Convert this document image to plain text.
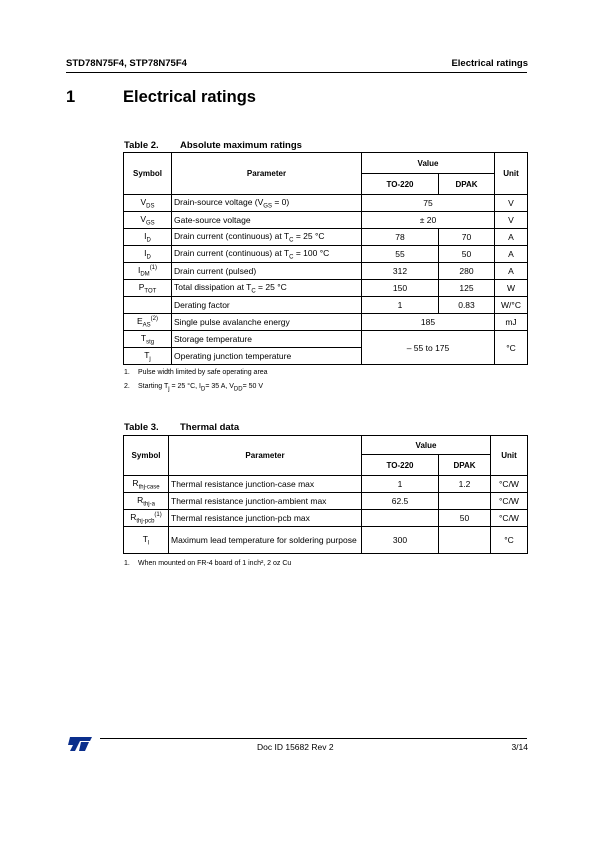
STD78N75F4, STP78N75F4	Electrical ratings
1	Electrical ratings
Table 2. Absolute maximum ratings
Symbol	Parameter	Value		Unit
		TO-220	DPAK	
$V_{DS}$	Drain-source voltage $(V_{GS} = 0)$	75		V
$V_{GS}$	Gate-source voltage	± 20		V
$I_D$	Drain current (continuous) at $T_C = 25$ °C	78	70	A
$I_D$	Drain current (continuous) at $T_C = 100$ °C	55	50	A
$I_{DM}^{(1)}$	Drain current (pulsed)	312	280	A
$P_{TOT}$	Total dissipation at $T_C = 25$ °C	150	125	W
	Derating factor	1	0.83	W/°C
$E_{AS}^{(2)}$	Single pulse avalanche energy	185		mJ
$T_{stg}$	Storage temperature	– 55 to 175		°C
$T_j$	Operating junction temperature			
1. Pulse width limited by safe operating area
2. Starting $T_j = 25$ °C, $I_D= 35$ A, $V_{DD}= 50$ V
Table 3. Thermal data
Symbol	Parameter	Value		Unit
		TO-220	DPAK	
$R_{thj-case}$	Thermal resistance junction-case max	1	1.2	°C/W
$R_{thj-a}$	Thermal resistance junction-ambient max	62.5		°C/W
$R_{thj-pcb}^{(1)}$	Thermal resistance junction-pcb max		50	°C/W
$T_l$	Maximum lead temperature for soldering purpose	300		°C
1. When mounted on FR-4 board of 1 inch², 2 oz Cu
Doc ID 15682 Rev 2	3/14
